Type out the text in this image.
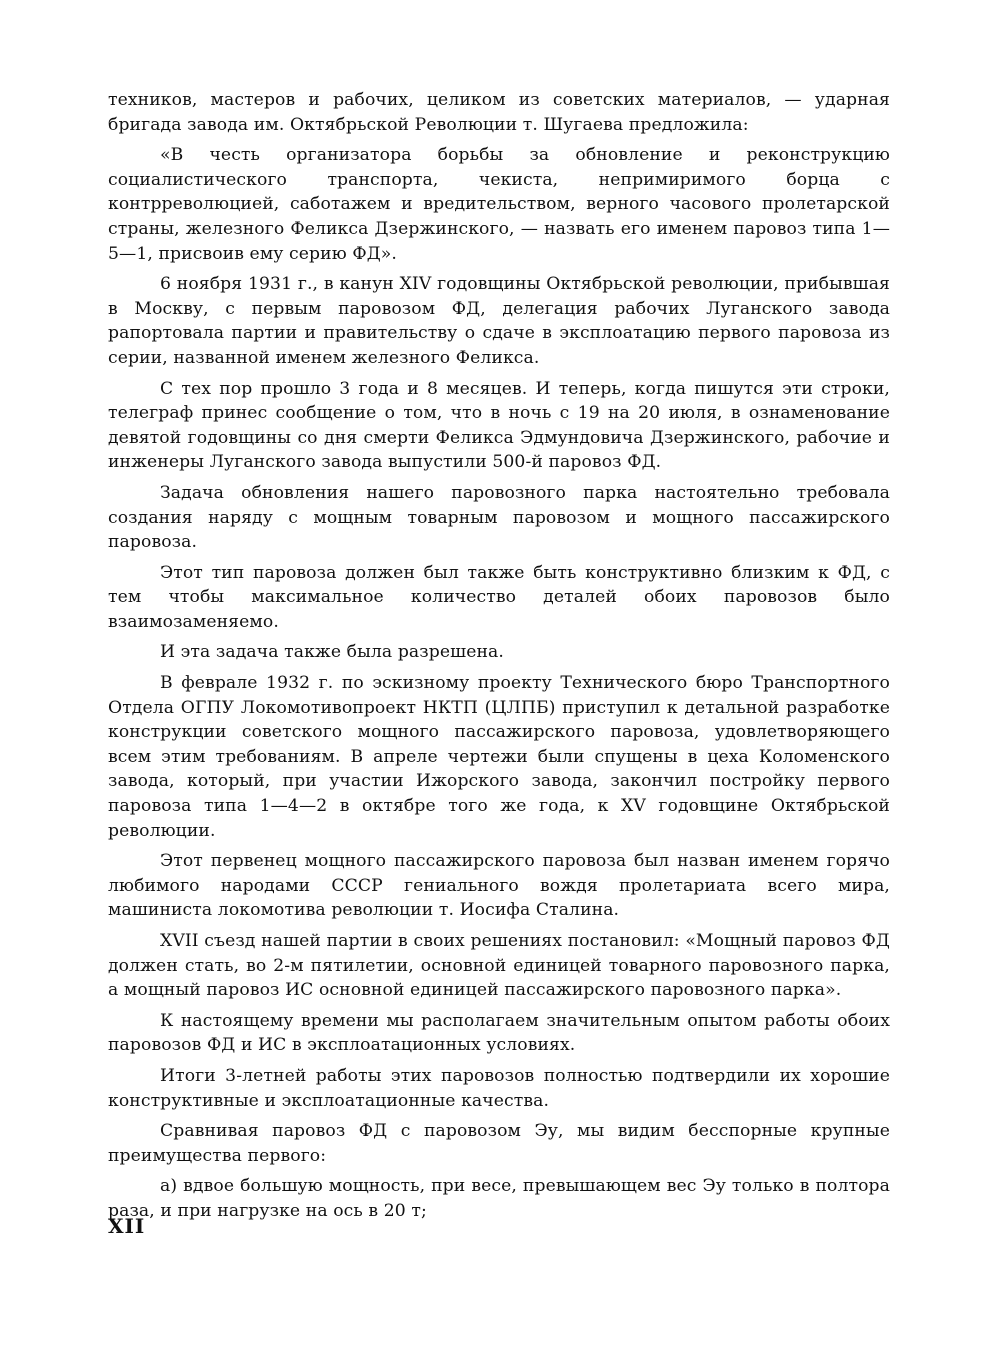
техников, мастеров и рабочих, целиком из советских материалов, — ударная бригада завода им. Октябрьской Революции т. Шугаева предложила:

«В честь организатора борьбы за обновление и реконструкцию социалистического транспорта, чекиста, непримиримого борца с контрреволюцией, саботажем и вредительством, верного часового пролетарской страны, железного Феликса Дзержинского, — назвать его именем паровоз типа 1—5—1, присвоив ему серию ФД».

6 ноября 1931 г., в канун XIV годовщины Октябрьской революции, прибывшая в Москву, с первым паровозом ФД, делегация рабочих Луганского завода рапортовала партии и правительству о сдаче в эксплоатацию первого паровоза из серии, названной именем железного Феликса.

С тех пор прошло 3 года и 8 месяцев. И теперь, когда пишутся эти строки, телеграф принес сообщение о том, что в ночь с 19 на 20 июля, в ознаменование девятой годовщины со дня смерти Феликса Эдмундовича Дзержинского, рабочие и инженеры Луганского завода выпустили 500-й паровоз ФД.

Задача обновления нашего паровозного парка настоятельно требовала создания наряду с мощным товарным паровозом и мощного пассажирского паровоза.

Этот тип паровоза должен был также быть конструктивно близким к ФД, с тем чтобы максимальное количество деталей обоих паровозов было взаимозаменяемо.

И эта задача также была разрешена.

В феврале 1932 г. по эскизному проекту Технического бюро Транспортного Отдела ОГПУ Локомотивопроект НКТП (ЦЛПБ) приступил к детальной разработке конструкции советского мощного пассажирского паровоза, удовлетворяющего всем этим требованиям. В апреле чертежи были спущены в цеха Коломенского завода, который, при участии Ижорского завода, закончил постройку первого паровоза типа 1—4—2 в октябре того же года, к XV годовщине Октябрьской революции.

Этот первенец мощного пассажирского паровоза был назван именем горячо любимого народами СССР гениального вождя пролетариата всего мира, машиниста локомотива революции т. Иосифа Сталина.

XVII съезд нашей партии в своих решениях постановил: «Мощный паровоз ФД должен стать, во 2-м пятилетии, основной единицей товарного паровозного парка, а мощный паровоз ИС основной единицей пассажирского паровозного парка».

К настоящему времени мы располагаем значительным опытом работы обоих паровозов ФД и ИС в эксплоатационных условиях.

Итоги 3-летней работы этих паровозов полностью подтвердили их хорошие конструктивные и эксплоатационные качества.

Сравнивая паровоз ФД с паровозом Эу, мы видим бесспорные крупные преимущества первого:

а) вдвое большую мощность, при весе, превышающем вес Эу только в полтора раза, и при нагрузке на ось в 20 т;

XII
